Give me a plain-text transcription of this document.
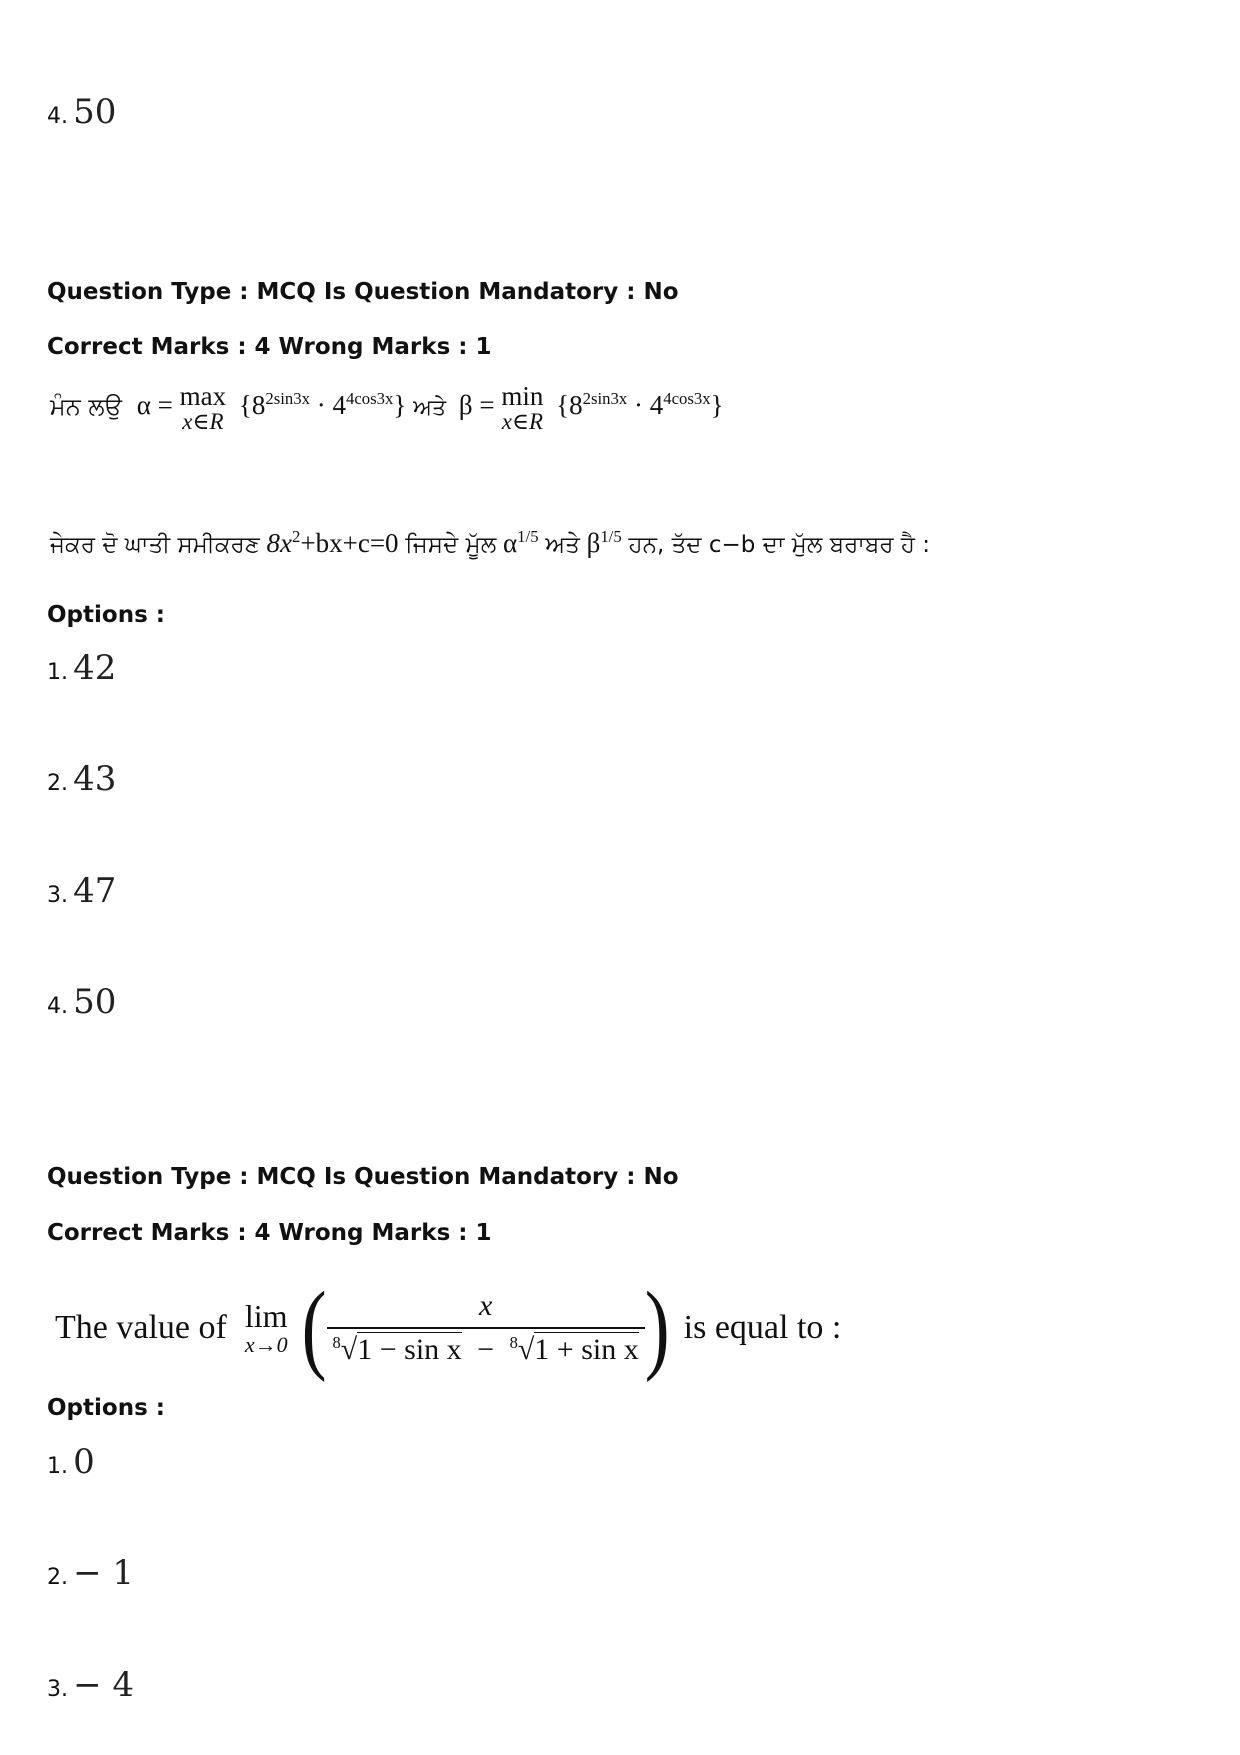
4. 50
Question Type : MCQ Is Question Mandatory : No
Correct Marks : 4 Wrong Marks : 1
ਮੰਨ ਲਉ α = max
x∈R
$\{8^{2sin3x} \cdot 4^{4cos3x}\}$ ਅਤੇ β = min
x∈R
$\{8^{2sin3x} \cdot 4^{4cos3x}\}$
ਜੇਕਰ ਦੋ ਘਾਤੀ ਸਮੀਕਰਣ $8x^2+bx+c=0$ ਜਿਸਦੇ ਮੂੱਲ $\alpha^{1/5}$ ਅਤੇ $\beta^{1/5}$ ਹਨ, ਤੱਦ c−b ਦਾ ਮੁੱਲ ਬਰਾਬਰ ਹੈ :
Options :
1. 42
2. 43
3. 47
4. 50
Question Type : MCQ Is Question Mandatory : No
Correct Marks : 4 Wrong Marks : 1
The value of lim
x→0 ( $\frac{x}{^8√1 - \sin x - ^8√1 + \sin x}$ ) is equal to :
Options :
1. 0
2. − 1
3. − 4
